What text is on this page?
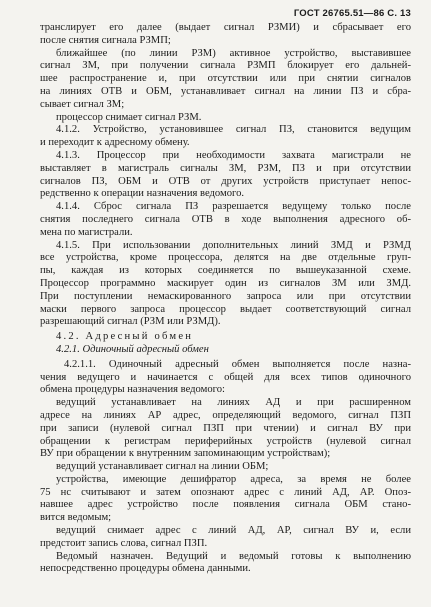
ГОСТ 26765.51—86 С. 13
транслирует его далее (выдает сигнал РЗМИ) и сбрасывает его
после снятия сигнала РЗМП;
ближайшее (по линии РЗМ) активное устройство, выставившее
сигнал ЗМ, при получении сигнала РЗМП блокирует его дальней-
шее распространение и, при отсутствии или при снятии сигналов
на линиях ОТВ и ОБМ, устанавливает сигнал на линии ПЗ и сбра-
сывает сигнал ЗМ;
процессор снимает сигнал РЗМ.
4.1.2. Устройство, установившее сигнал ПЗ, становится ведущим
и переходит к адресному обмену.
4.1.3. Процессор при необходимости захвата магистрали не
выставляет в магистраль сигналы ЗМ, РЗМ, ПЗ и при отсутствии
сигналов ПЗ, ОБМ и ОТВ от других устройств приступает непос-
редственно к операции назначения ведомого.
4.1.4. Сброс сигнала ПЗ разрешается ведущему только после
снятия последнего сигнала ОТВ в ходе выполнения адресного об-
мена по магистрали.
4.1.5. При использовании дополнительных линий ЗМД и РЗМД
все устройства, кроме процессора, делятся на две отдельные груп-
пы, каждая из которых соединяется по вышеуказанной схеме.
Процессор программно маскирует один из сигналов ЗМ или ЗМД.
При поступлении немаскированного запроса или при отсутствии
маски первого запроса процессор выдает соответствующий сигнал
разрешающий сигнал (РЗМ или РЗМД).
4.2. Адресный обмен
4.2.1. Одиночный адресный обмен
4.2.1.1. Одиночный адресный обмен выполняется после назна-
чения ведущего и начинается с общей для всех типов одиночного
обмена процедуры назначения ведомого:
ведущий устанавливает на линиях АД и при расширенном
адресе на линиях АР адрес, определяющий ведомого, сигнал ПЗП
при записи (нулевой сигнал ПЗП при чтении) и сигнал ВУ при
обращении к регистрам периферийных устройств (нулевой сигнал
ВУ при обращении к внутренним запоминающим устройствам);
ведущий устанавливает сигнал на линии ОБМ;
устройства, имеющие дешифратор адреса, за время не более
75 нс считывают и затем опознают адрес с линий АД, АР. Опоз-
навшее адрес устройство после появления сигнала ОБМ стано-
вится ведомым;
ведущий снимает адрес с линий АД, АР, сигнал ВУ и, если
предстоит запись слова, сигнал ПЗП.
Ведомый назначен. Ведущий и ведомый готовы к выполнению
непосредственно процедуры обмена данными.
